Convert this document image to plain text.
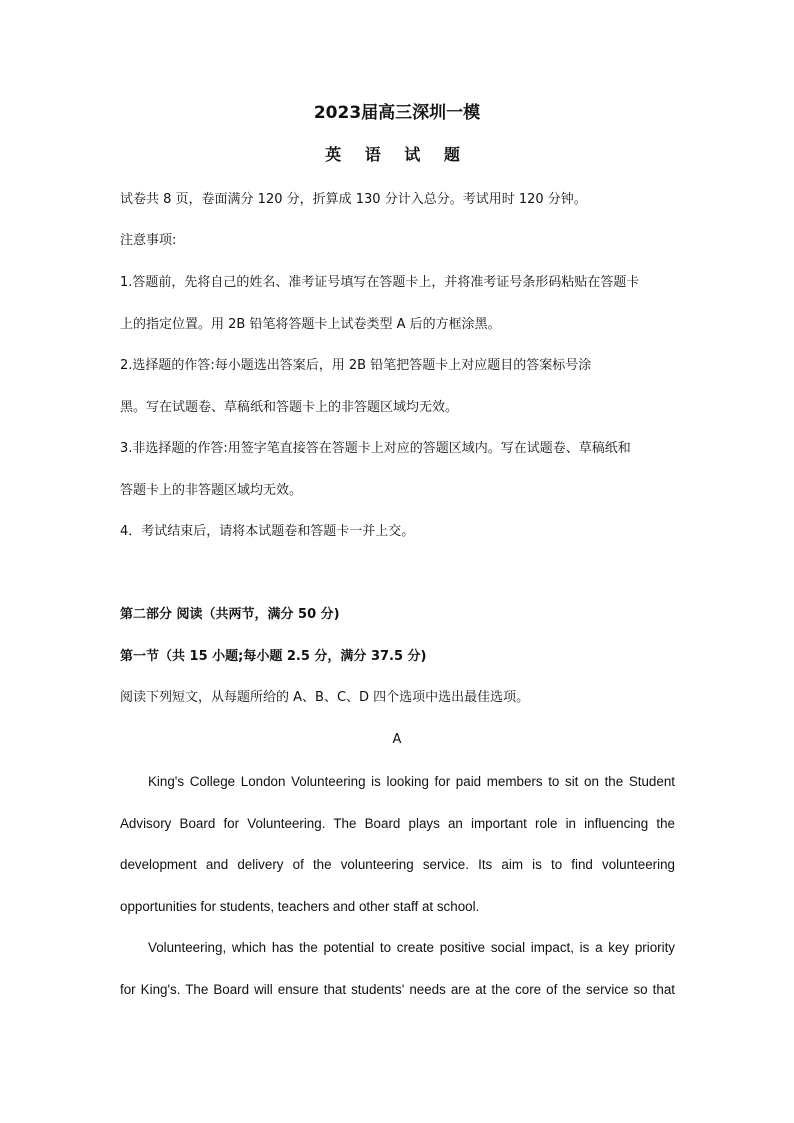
2023届高三深圳一模
英 语 试 题
试卷共 8 页，卷面满分 120 分，折算成 130 分计入总分。考试用时 120 分钟。
注意事项:
1.答题前，先将自己的姓名、准考证号填写在答题卡上，并将准考证号条形码粘贴在答题卡
上的指定位置。用 2B 铅笔将答题卡上试卷类型 A 后的方框涂黑。
2.选择题的作答:每小题选出答案后，用 2B 铅笔把答题卡上对应题目的答案标号涂
黑。写在试题卷、草稿纸和答题卡上的非答题区域均无效。
3.非选择题的作答:用签字笔直接答在答题卡上对应的答题区域内。写在试题卷、草稿纸和
答题卡上的非答题区域均无效。
4．考试结束后，请将本试题卷和答题卡一并上交。
第二部分 阅读（共两节，满分 50 分)
第一节（共 15 小题;每小题 2.5 分，满分 37.5 分)
阅读下列短文，从每题所给的 A、B、C、D 四个选项中选出最佳选项。
A
King's College London Volunteering is looking for paid members to sit on the Student
Advisory Board for Volunteering. The Board plays an important role in influencing the
development and delivery of the volunteering service. Its aim is to find volunteering
opportunities for students, teachers and other staff at school.
Volunteering, which has the potential to create positive social impact, is a key priority
for King's. The Board will ensure that students' needs are at the core of the service so that
